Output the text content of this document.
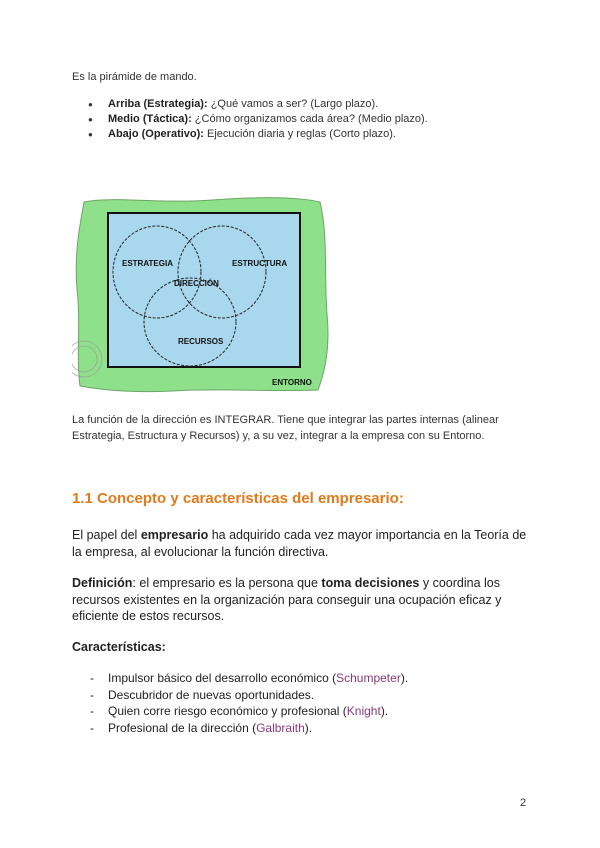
Es la pirámide de mando.

● Arriba (Estrategia): ¿Qué vamos a ser? (Largo plazo).
● Medio (Táctica): ¿Cómo organizamos cada área? (Medio plazo).
● Abajo (Operativo): Ejecución diaria y reglas (Corto plazo).
ESTRATEGIA	ESTRUCTURA
DIRECCIÓN
RECURSOS
ENTORNO

La función de la dirección es INTEGRAR. Tiene que integrar las partes internas (alinear Estrategia, Estructura y Recursos) y, a su vez, integrar a la empresa con su Entorno.

1.1 Concepto y características del empresario:

El papel del empresario ha adquirido cada vez mayor importancia en la Teoría de la empresa, al evolucionar la función directiva.

Definición: el empresario es la persona que toma decisiones y coordina los recursos existentes en la organización para conseguir una ocupación eficaz y eficiente de estos recursos.

Características:
- Impulsor básico del desarrollo económico (Schumpeter).
- Descubridor de nuevas oportunidades.
- Quien corre riesgo económico y profesional (Knight).
- Profesional de la dirección (Galbraith).
2
